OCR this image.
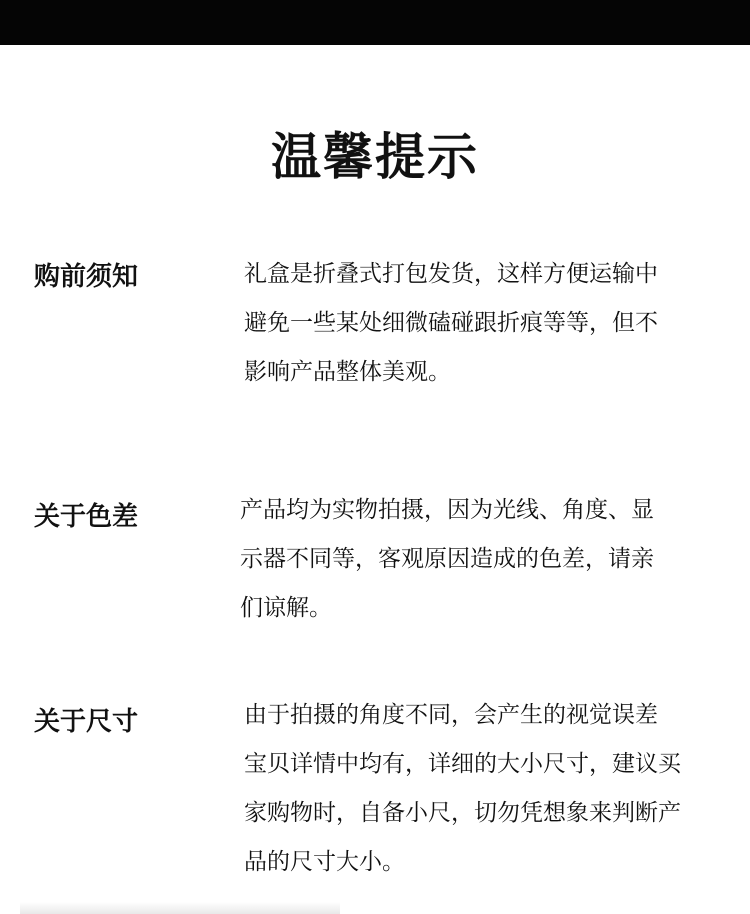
温馨提示
购前须知	礼盒是折叠式打包发货，这样方便运输中
避免一些某处细微磕碰跟折痕等等，但不
影响产品整体美观。
关于色差	产品均为实物拍摄，因为光线、角度、显
示器不同等，客观原因造成的色差，请亲
们谅解。
关于尺寸	由于拍摄的角度不同，会产生的视觉误差
宝贝详情中均有，详细的大小尺寸，建议买
家购物时，自备小尺，切勿凭想象来判断产
品的尺寸大小。
